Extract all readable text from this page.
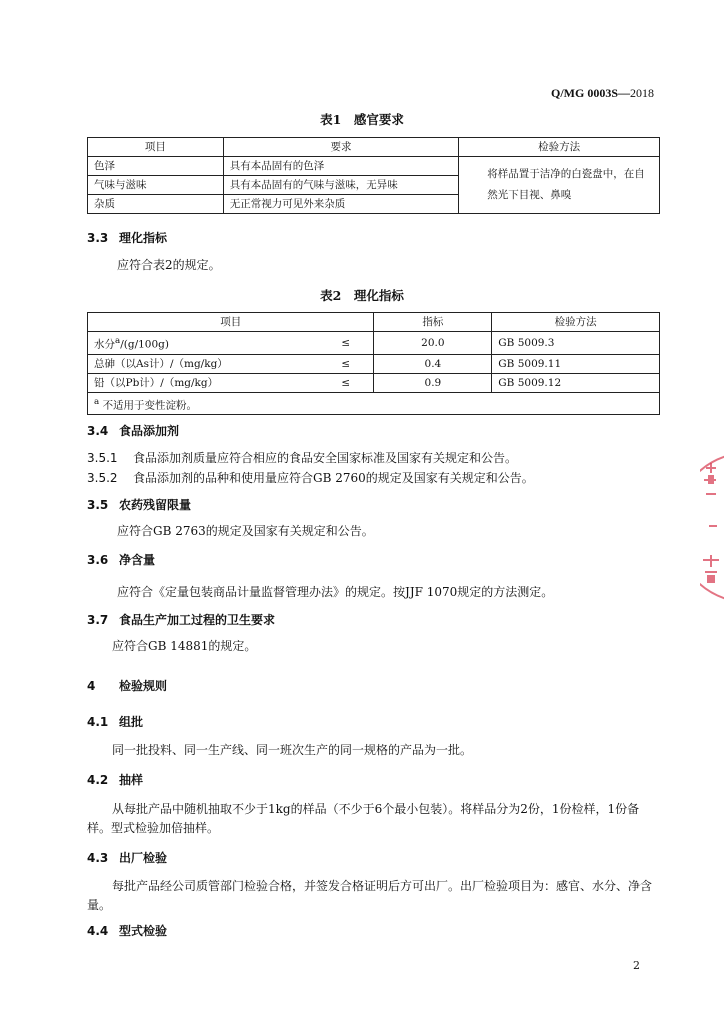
Q/MG 0003S—2018
表1　感官要求
项目	要求	检验方法
色泽	具有本品固有的色泽	将样品置于洁净的白瓷盘中，在自然光下目视、鼻嗅
气味与滋味	具有本品固有的气味与滋味，无异味	
杂质	无正常视力可见外来杂质	
3.3 理化指标
应符合表2的规定。
表2　理化指标
项目		指标	检验方法
水分$^a$/(g/100g)	≤	20.0	GB 5009.3
总砷（以As计）/（mg/kg）	≤	0.4	GB 5009.11
铅（以Pb计）/（mg/kg）	≤	0.9	GB 5009.12
$^a$ 不适用于变性淀粉。			
3.4 食品添加剂
3.5.1 食品添加剂质量应符合相应的食品安全国家标准及国家有关规定和公告。
3.5.2 食品添加剂的品种和使用量应符合GB 2760的规定及国家有关规定和公告。
3.5 农药残留限量
应符合GB 2763的规定及国家有关规定和公告。
3.6 净含量
应符合《定量包装商品计量监督管理办法》的规定。按JJF 1070规定的方法测定。
3.7 食品生产加工过程的卫生要求
应符合GB 14881的规定。
4 检验规则
4.1 组批
同一批投料、同一生产线、同一班次生产的同一规格的产品为一批。
4.2 抽样
从每批产品中随机抽取不少于1kg的样品（不少于6个最小包装）。将样品分为2份，1份检样，1份备样。型式检验加倍抽样。
4.3 出厂检验
每批产品经公司质管部门检验合格，并签发合格证明后方可出厂。出厂检验项目为：感官、水分、净含量。
4.4 型式检验
2
